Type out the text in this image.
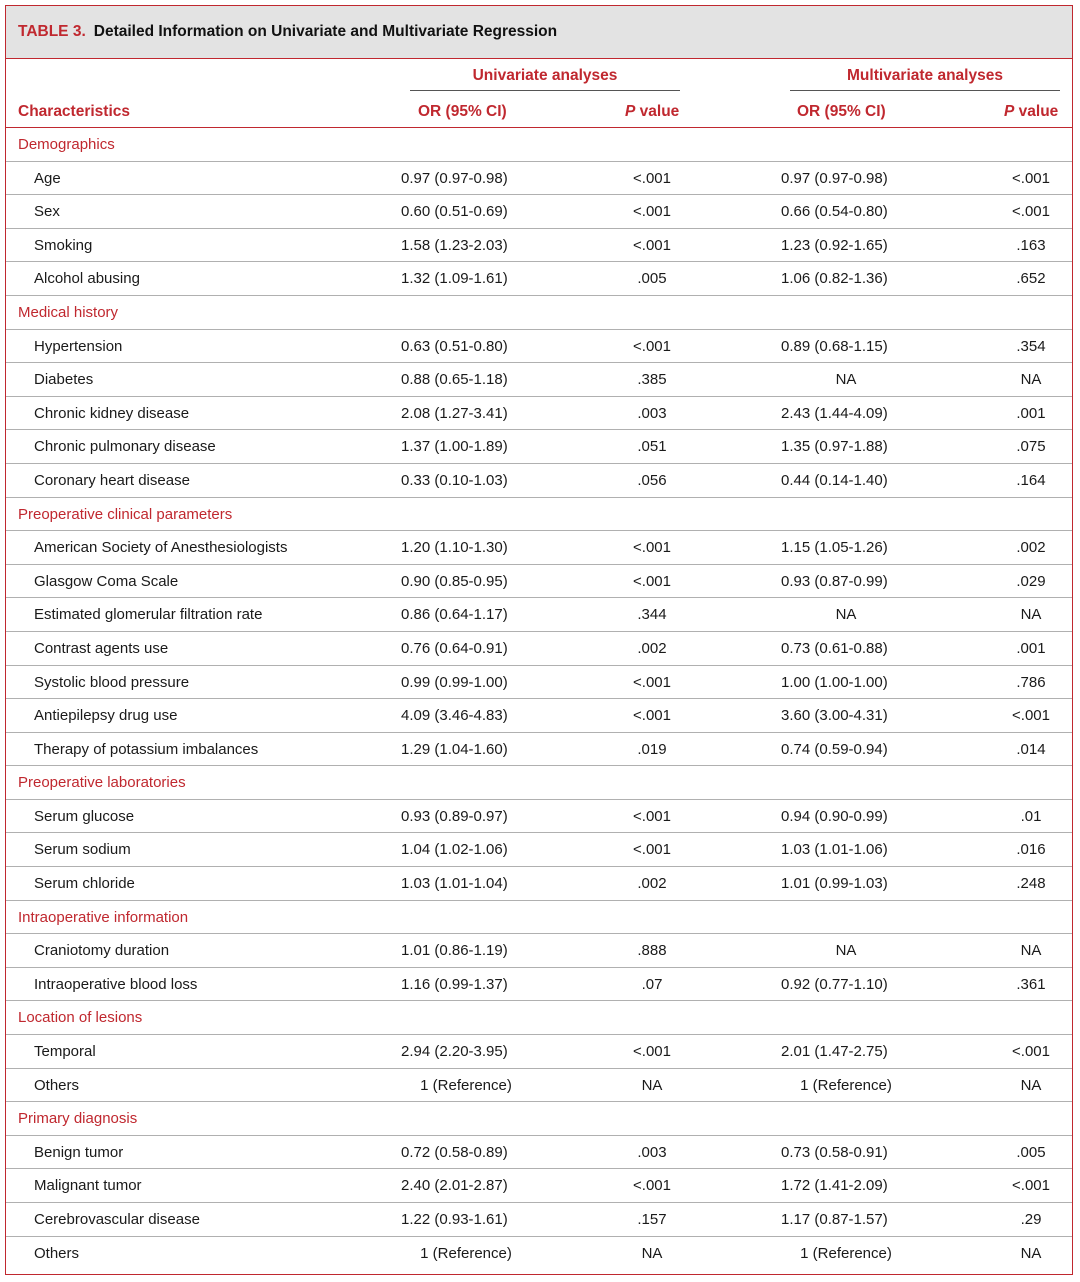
TABLE 3. Detailed Information on Univariate and Multivariate Regression
Univariate analyses	Multivariate analyses
Characteristics	OR (95% CI)	P value	OR (95% CI)	P value
Demographics
Age	0.97 (0.97-0.98)	<.001	0.97 (0.97-0.98)	<.001
Sex	0.60 (0.51-0.69)	<.001	0.66 (0.54-0.80)	<.001
Smoking	1.58 (1.23-2.03)	<.001	1.23 (0.92-1.65)	.163
Alcohol abusing	1.32 (1.09-1.61)	.005	1.06 (0.82-1.36)	.652
Medical history
Hypertension	0.63 (0.51-0.80)	<.001	0.89 (0.68-1.15)	.354
Diabetes	0.88 (0.65-1.18)	.385	NA	NA
Chronic kidney disease	2.08 (1.27-3.41)	.003	2.43 (1.44-4.09)	.001
Chronic pulmonary disease	1.37 (1.00-1.89)	.051	1.35 (0.97-1.88)	.075
Coronary heart disease	0.33 (0.10-1.03)	.056	0.44 (0.14-1.40)	.164
Preoperative clinical parameters
American Society of Anesthesiologists	1.20 (1.10-1.30)	<.001	1.15 (1.05-1.26)	.002
Glasgow Coma Scale	0.90 (0.85-0.95)	<.001	0.93 (0.87-0.99)	.029
Estimated glomerular filtration rate	0.86 (0.64-1.17)	.344	NA	NA
Contrast agents use	0.76 (0.64-0.91)	.002	0.73 (0.61-0.88)	.001
Systolic blood pressure	0.99 (0.99-1.00)	<.001	1.00 (1.00-1.00)	.786
Antiepilepsy drug use	4.09 (3.46-4.83)	<.001	3.60 (3.00-4.31)	<.001
Therapy of potassium imbalances	1.29 (1.04-1.60)	.019	0.74 (0.59-0.94)	.014
Preoperative laboratories
Serum glucose	0.93 (0.89-0.97)	<.001	0.94 (0.90-0.99)	.01
Serum sodium	1.04 (1.02-1.06)	<.001	1.03 (1.01-1.06)	.016
Serum chloride	1.03 (1.01-1.04)	.002	1.01 (0.99-1.03)	.248
Intraoperative information
Craniotomy duration	1.01 (0.86-1.19)	.888	NA	NA
Intraoperative blood loss	1.16 (0.99-1.37)	.07	0.92 (0.77-1.10)	.361
Location of lesions
Temporal	2.94 (2.20-3.95)	<.001	2.01 (1.47-2.75)	<.001
Others	1 (Reference)	NA	1 (Reference)	NA
Primary diagnosis
Benign tumor	0.72 (0.58-0.89)	.003	0.73 (0.58-0.91)	.005
Malignant tumor	2.40 (2.01-2.87)	<.001	1.72 (1.41-2.09)	<.001
Cerebrovascular disease	1.22 (0.93-1.61)	.157	1.17 (0.87-1.57)	.29
Others	1 (Reference)	NA	1 (Reference)	NA
